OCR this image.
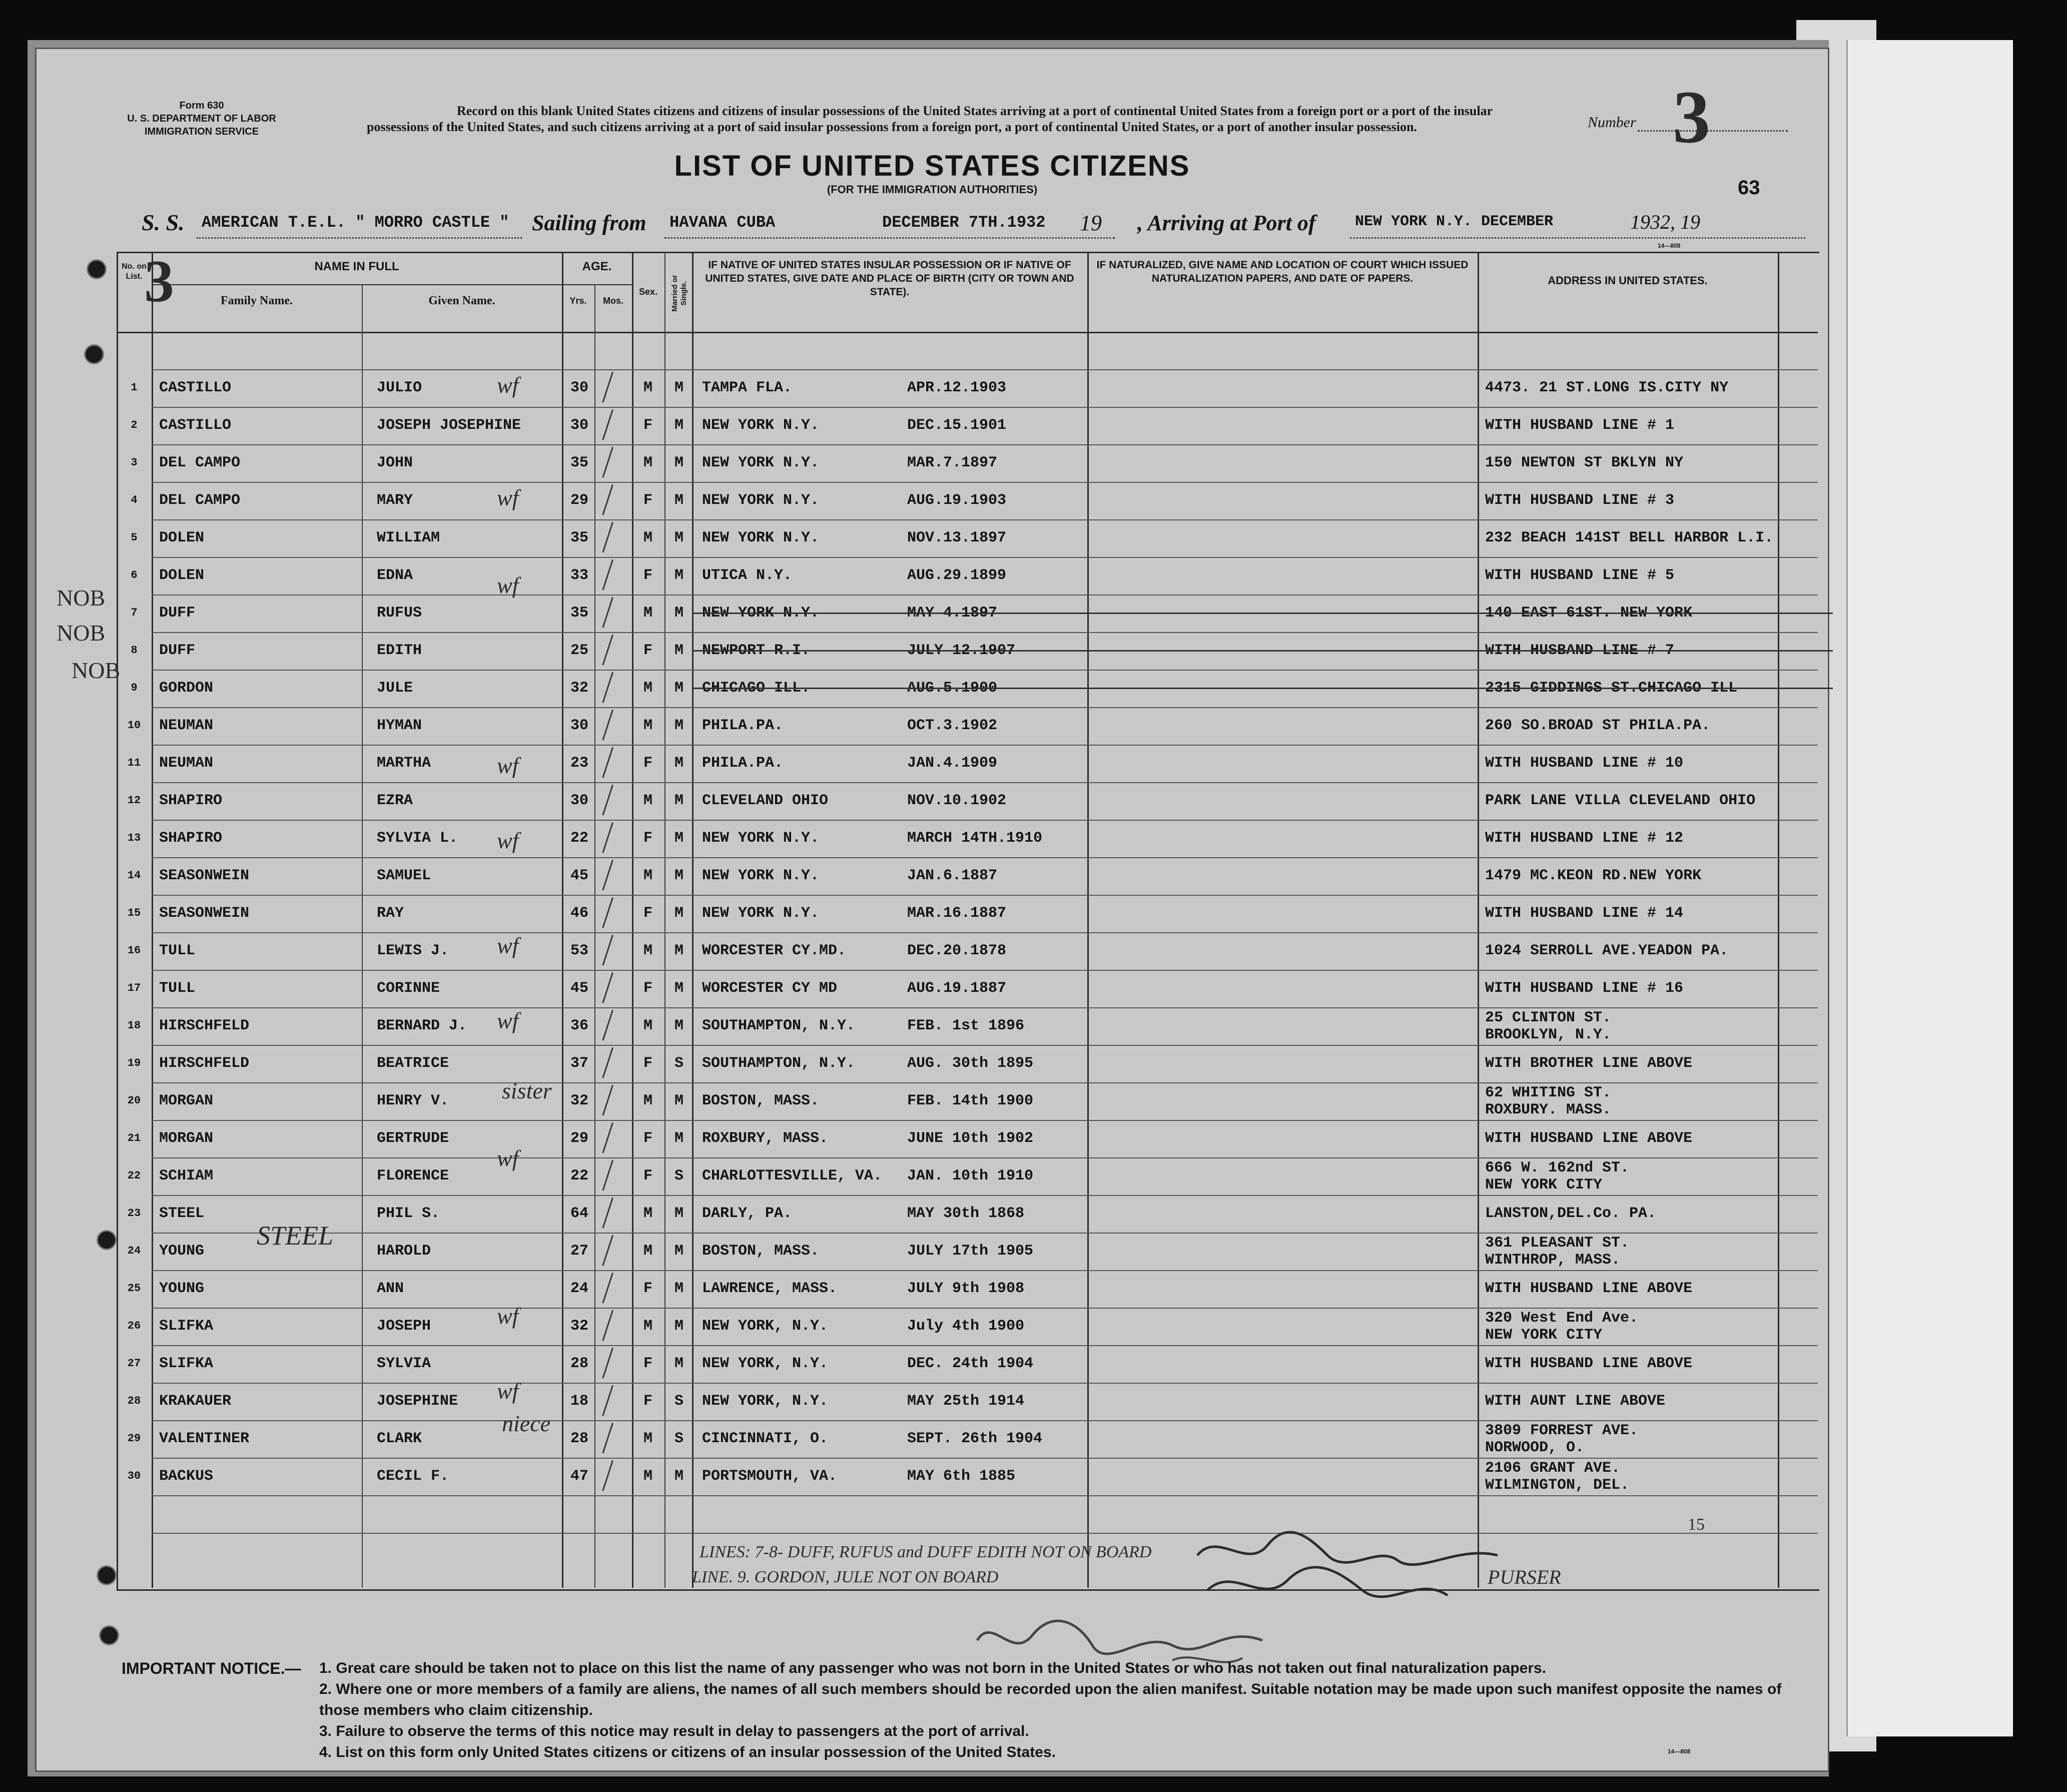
Form 630
U. S. DEPARTMENT OF LABOR
IMMIGRATION SERVICE
Record on this blank United States citizens and citizens of insular possessions of the United States arriving at a port of continental United States from a foreign port or a port of the insular possessions of the United States, and such citizens arriving at a port of said insular possessions from a foreign port, a port of continental United States, or a port of another insular possession.	Number 3
LIST OF UNITED STATES CITIZENS
(FOR THE IMMIGRATION AUTHORITIES)	63
S. S. AMERICAN T.E.L. " MORRO CASTLE " Sailing from HAVANA CUBA	DECEMBER 7TH.1932 19 , Arriving at Port of	NEW YORK N.Y. DECEMBER	1932, 19
14—808
No. on List. 3	NAME IN FULL
Family Name.	Given Name.
AGE.
Yrs.	Mos.
Sex.	Married or Single.
IF NATIVE OF UNITED STATES INSULAR POSSESSION OR IF NATIVE OF UNITED STATES, GIVE DATE AND PLACE OF BIRTH (CITY OR TOWN AND STATE).
IF NATURALIZED, GIVE NAME AND LOCATION OF COURT WHICH ISSUED NATURALIZATION PAPERS, AND DATE OF PAPERS.	ADDRESS IN UNITED STATES.
1	CASTILLO	JULIO	30	M	M	TAMPA FLA.	APR.12.1903	4473. 21 ST.LONG IS.CITY NY
2	CASTILLO	JOSEPH JOSEPHINE	30	F	M	NEW YORK N.Y.	DEC.15.1901	WITH HUSBAND LINE # 1
3	DEL CAMPO	JOHN	35	M	M	NEW YORK N.Y.	MAR.7.1897	150 NEWTON ST BKLYN NY
4	DEL CAMPO	MARY	29	F	M	NEW YORK N.Y.	AUG.19.1903	WITH HUSBAND LINE # 3
5	DOLEN	WILLIAM	35	M	M	NEW YORK N.Y.	NOV.13.1897	232 BEACH 141ST BELL HARBOR L.I.
6	DOLEN	EDNA	33	F	M	UTICA N.Y.	AUG.29.1899	WITH HUSBAND LINE # 5
7	DUFF	RUFUS	35	M	M	NEW YORK N.Y.	MAY 4.1897	140 EAST 61ST. NEW YORK
8	DUFF	EDITH	25	F	M	NEWPORT R.I.	JULY 12.1907	WITH HUSBAND LINE # 7
9	GORDON	JULE	32	M	M	CHICAGO ILL.	AUG.5.1900	2315 GIDDINGS ST.CHICAGO ILL
10	NEUMAN	HYMAN	30	M	M	PHILA.PA.	OCT.3.1902	260 SO.BROAD ST PHILA.PA.
11	NEUMAN	MARTHA	23	F	M	PHILA.PA.	JAN.4.1909	WITH HUSBAND LINE # 10
12	SHAPIRO	EZRA	30	M	M	CLEVELAND OHIO	NOV.10.1902	PARK LANE VILLA CLEVELAND OHIO
13	SHAPIRO	SYLVIA L.	22	F	M	NEW YORK N.Y.	MARCH 14TH.1910	WITH HUSBAND LINE # 12
14	SEASONWEIN	SAMUEL	45	M	M	NEW YORK N.Y.	JAN.6.1887	1479 MC.KEON RD.NEW YORK
15	SEASONWEIN	RAY	46	F	M	NEW YORK N.Y.	MAR.16.1887	WITH HUSBAND LINE # 14
16	TULL	LEWIS J.	53	M	M	WORCESTER CY.MD.	DEC.20.1878	1024 SERROLL AVE.YEADON PA.
17	TULL	CORINNE	45	F	M	WORCESTER CY MD	AUG.19.1887	WITH HUSBAND LINE # 16
18	HIRSCHFELD	BERNARD J.	36	M	M	SOUTHAMPTON, N.Y.	FEB. 1st 1896	25 CLINTON ST.
BROOKLYN, N.Y.
19	HIRSCHFELD	BEATRICE	37	F	S	SOUTHAMPTON, N.Y.	AUG. 30th 1895	WITH BROTHER LINE ABOVE
20	MORGAN	HENRY V.	32	M	M	BOSTON, MASS.	FEB. 14th 1900	62 WHITING ST.
ROXBURY. MASS.
21	MORGAN	GERTRUDE	29	F	M	ROXBURY, MASS.	JUNE 10th 1902	WITH HUSBAND LINE ABOVE
22	SCHIAM	FLORENCE	22	F	S	CHARLOTTESVILLE, VA. JAN. 10th 1910	666 W. 162nd ST.
NEW YORK CITY
23	STEEL	PHIL S.	64	M	M	DARLY, PA.	MAY 30th 1868	LANSTON,DEL.Co. PA.
24	YOUNG	HAROLD	27	M	M	BOSTON, MASS.	JULY 17th 1905	361 PLEASANT ST.
WINTHROP, MASS.
25	YOUNG	ANN	24	F	M	LAWRENCE, MASS.	JULY 9th 1908	WITH HUSBAND LINE ABOVE
26	SLIFKA	JOSEPH	32	M	M	NEW YORK, N.Y.	July 4th 1900	320 West End Ave.
NEW YORK CITY
27	SLIFKA	SYLVIA	28	F	M	NEW YORK, N.Y.	DEC. 24th 1904	WITH HUSBAND LINE ABOVE
28	KRAKAUER	JOSEPHINE	18	F	S	NEW YORK, N.Y.	MAY 25th 1914	WITH AUNT LINE ABOVE
29	VALENTINER	CLARK	28	M	S	CINCINNATI, O.	SEPT. 26th 1904	3809 FORREST AVE.
NORWOOD, O.
30	BACKUS	CECIL F.	47	M	M	PORTSMOUTH, VA.	MAY 6th 1885	2106 GRANT AVE.
WILMINGTON, DEL.
NOB
NOB
NOB
STEEL
wf
wf
wf
wf
wf
wf
wf
sister
wf
wf
wf
niece
LINES: 7-8- DUFF, RUFUS and DUFF EDITH NOT ON BOARD
LINE. 9. GORDON, JULE NOT ON BOARD	PURSER
15
IMPORTANT NOTICE.— 1. Great care should be taken not to place on this list the name of any passenger who was not born in the United States or who has not taken out final naturalization papers.
2. Where one or more members of a family are aliens, the names of all such members should be recorded upon the alien manifest. Suitable notation may be made upon such manifest opposite the names of those members who claim citizenship.
3. Failure to observe the terms of this notice may result in delay to passengers at the port of arrival.
4. List on this form only United States citizens or citizens of an insular possession of the United States.	14—808
